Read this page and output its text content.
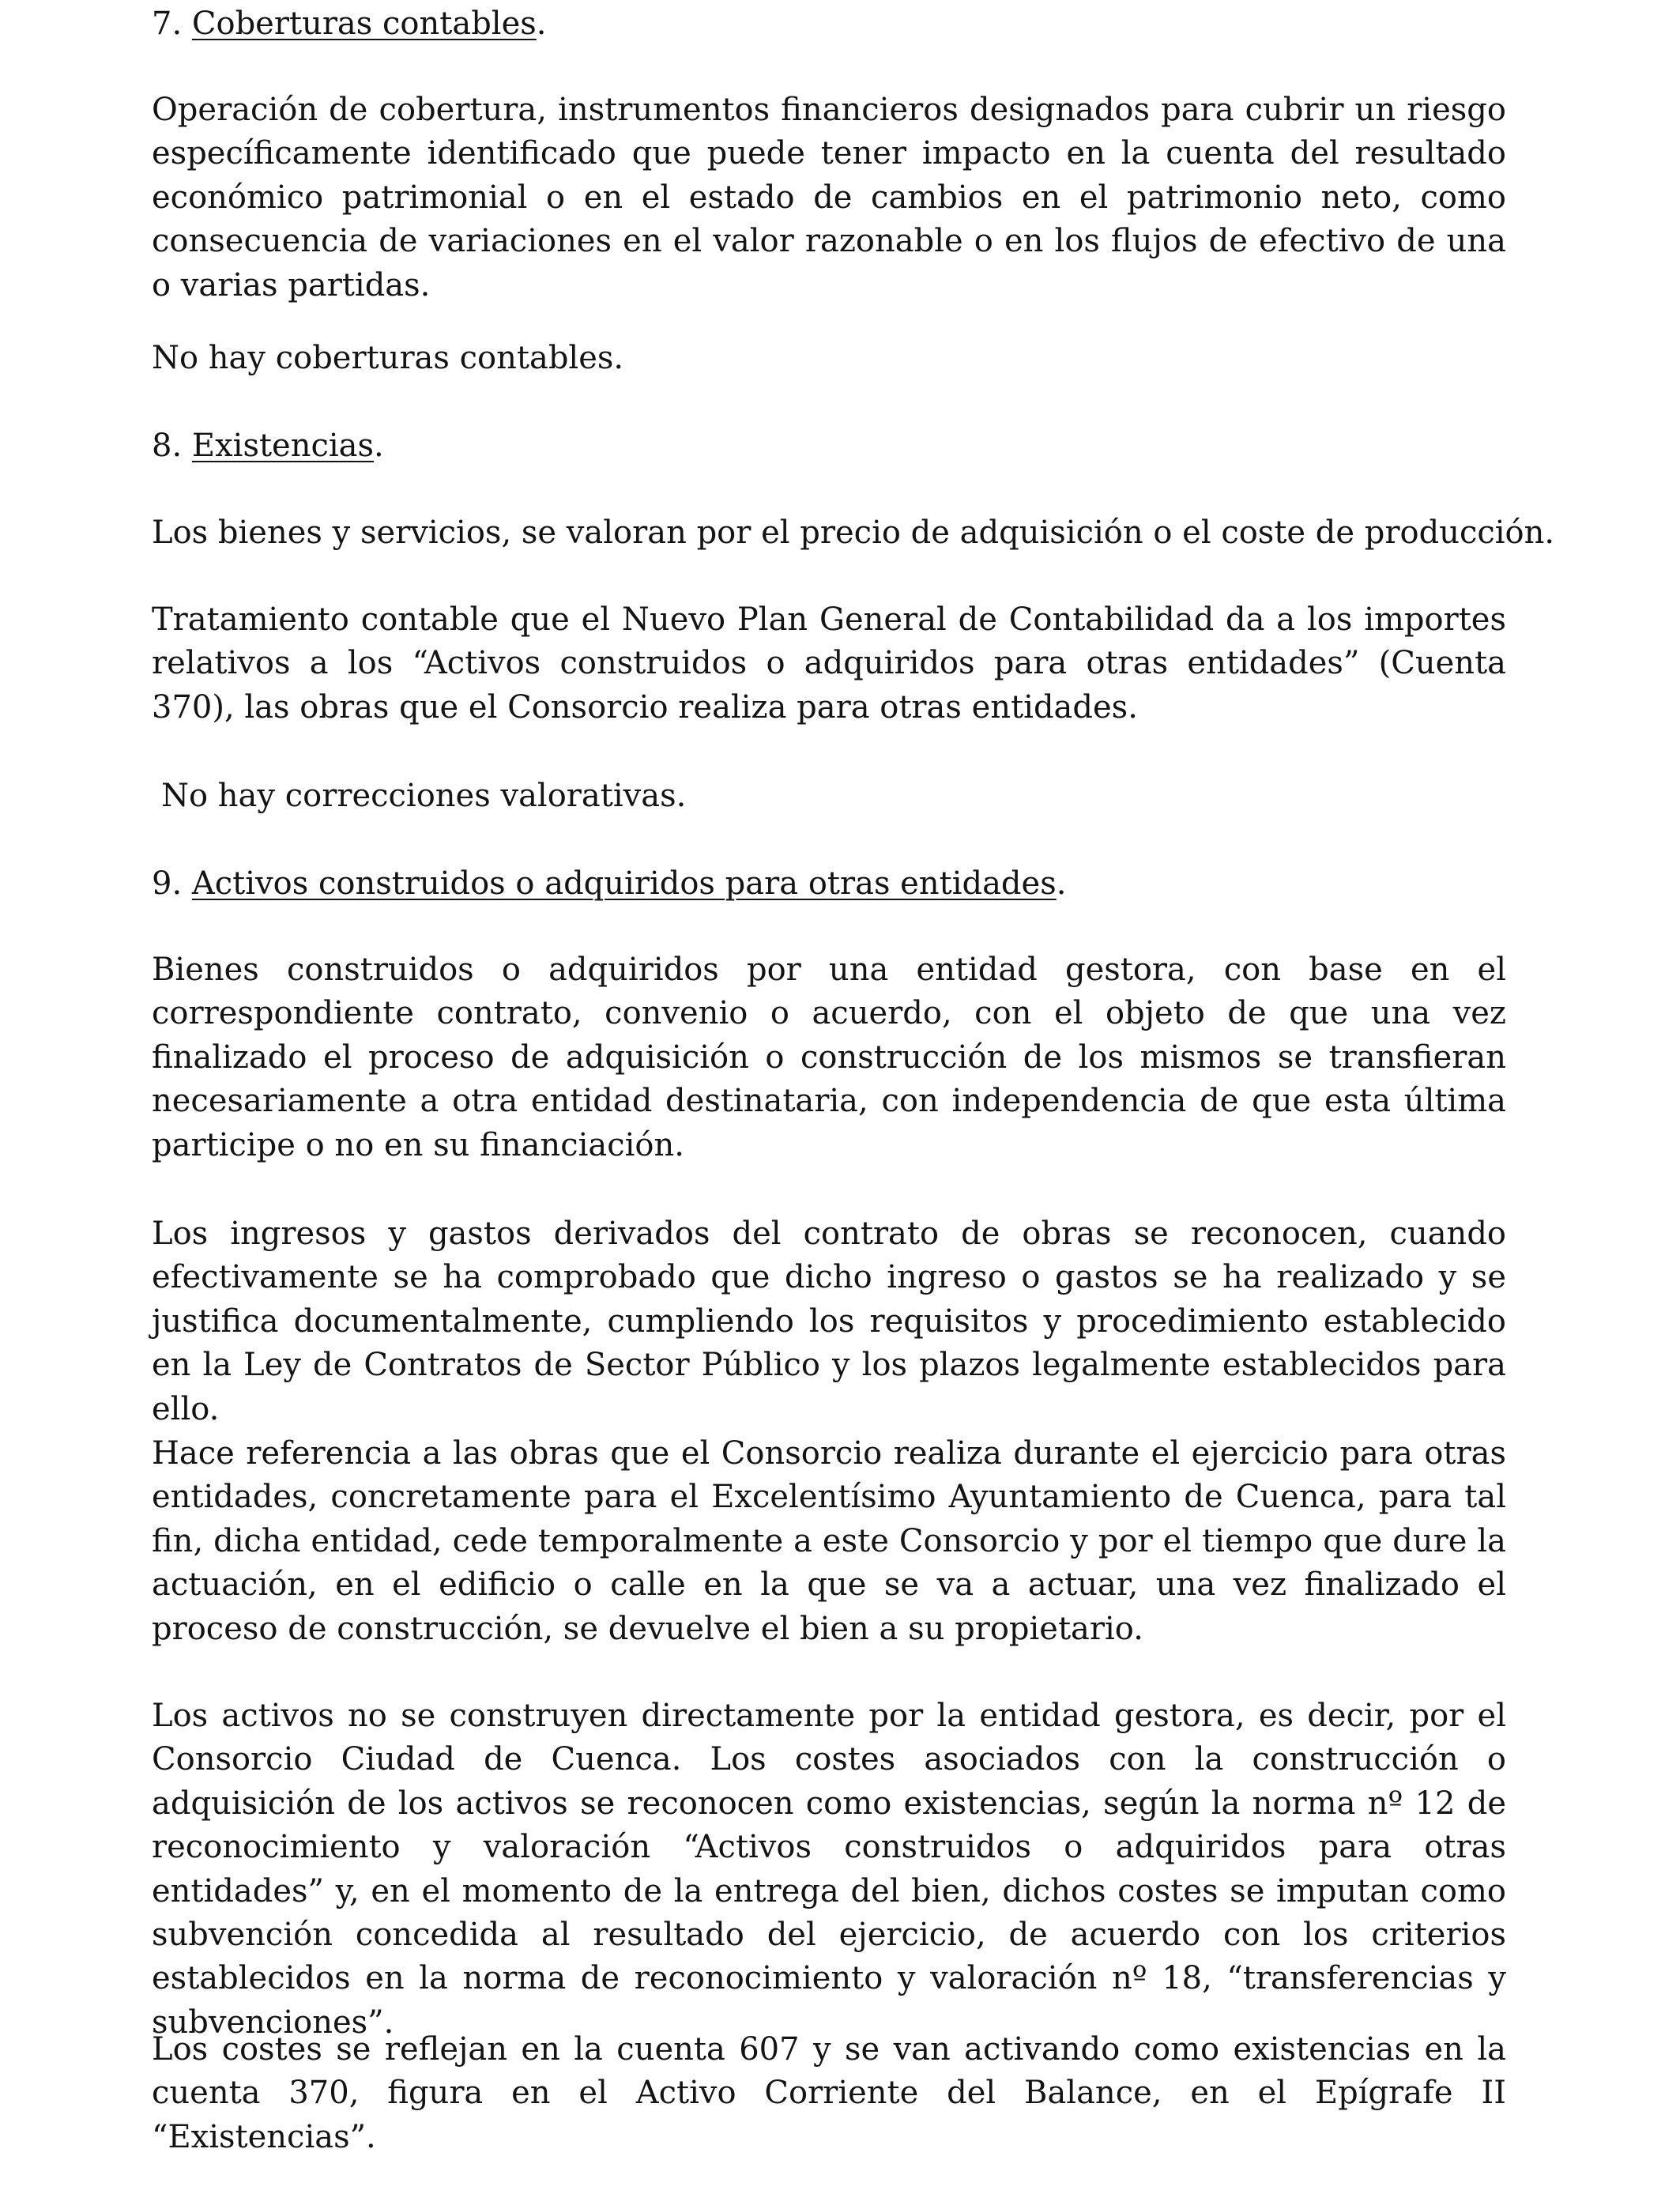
7. Coberturas contables.
Operación de cobertura, instrumentos financieros designados para cubrir un riesgo específicamente identificado que puede tener impacto en la cuenta del resultado económico patrimonial o en el estado de cambios en el patrimonio neto, como consecuencia de variaciones en el valor razonable o en los flujos de efectivo de una o varias partidas.
No hay coberturas contables.
8. Existencias.
Los bienes y servicios, se valoran por el precio de adquisición o el coste de producción.
Tratamiento contable que el Nuevo Plan General de Contabilidad da a los importes relativos a los “Activos construidos o adquiridos para otras entidades” (Cuenta 370), las obras que el Consorcio realiza para otras entidades.
No hay correcciones valorativas.
9. Activos construidos o adquiridos para otras entidades.
Bienes construidos o adquiridos por una entidad gestora, con base en el correspondiente contrato, convenio o acuerdo, con el objeto de que una vez finalizado el proceso de adquisición o construcción de los mismos se transfieran necesariamente a otra entidad destinataria, con independencia de que esta última participe o no en su financiación.
Los ingresos y gastos derivados del contrato de obras se reconocen, cuando efectivamente se ha comprobado que dicho ingreso o gastos se ha realizado y se justifica documentalmente, cumpliendo los requisitos y procedimiento establecido en la Ley de Contratos de Sector Público y los plazos legalmente establecidos para ello.
Hace referencia a las obras que el Consorcio realiza durante el ejercicio para otras entidades, concretamente para el Excelentísimo Ayuntamiento de Cuenca, para tal fin, dicha entidad, cede temporalmente a este Consorcio y por el tiempo que dure la actuación, en el edificio o calle en la que se va a actuar, una vez finalizado el proceso de construcción, se devuelve el bien a su propietario.
Los activos no se construyen directamente por la entidad gestora, es decir, por el Consorcio Ciudad de Cuenca. Los costes asociados con la construcción o adquisición de los activos se reconocen como existencias, según la norma nº 12 de reconocimiento y valoración “Activos construidos o adquiridos para otras entidades” y, en el momento de la entrega del bien, dichos costes se imputan como subvención concedida al resultado del ejercicio, de acuerdo con los criterios establecidos en la norma de reconocimiento y valoración nº 18, “transferencias y subvenciones”.
Los costes se reflejan en la cuenta 607 y se van activando como existencias en la cuenta 370, figura en el Activo Corriente del Balance, en el Epígrafe II “Existencias”.
